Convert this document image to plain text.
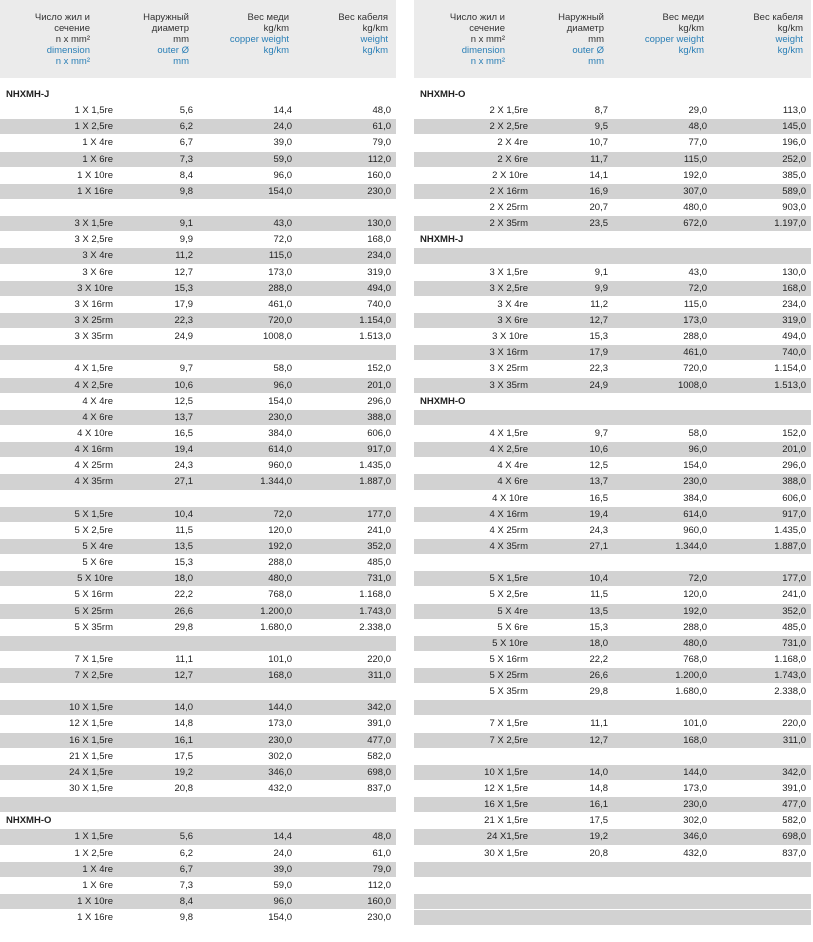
Число жил и
сечение
n x mm²
dimension
n x mm²
Наружный
диаметр
mm
outer Ø
mm
Вес меди
kg/km
copper weight
kg/km
Вес кабеля
kg/km
weight
kg/km
NHXMH-J
1 X 1,5re	5,6	14,4	48,0
1 X 2,5re	6,2	24,0	61,0
1 X 4re	6,7	39,0	79,0
1 X 6re	7,3	59,0	112,0
1 X 10re	8,4	96,0	160,0
1 X 16re	9,8	154,0	230,0
3 X 1,5re	9,1	43,0	130,0
3 X 2,5re	9,9	72,0	168,0
3 X 4re	11,2	115,0	234,0
3 X 6re	12,7	173,0	319,0
3 X 10re	15,3	288,0	494,0
3 X 16rm	17,9	461,0	740,0
3 X 25rm	22,3	720,0	1.154,0
3 X 35rm	24,9	1008,0	1.513,0
4 X 1,5re	9,7	58,0	152,0
4 X 2,5re	10,6	96,0	201,0
4 X 4re	12,5	154,0	296,0
4 X 6re	13,7	230,0	388,0
4 X 10re	16,5	384,0	606,0
4 X 16rm	19,4	614,0	917,0
4 X 25rm	24,3	960,0	1.435,0
4 X 35rm	27,1	1.344,0	1.887,0
5 X 1,5re	10,4	72,0	177,0
5 X 2,5re	11,5	120,0	241,0
5 X 4re	13,5	192,0	352,0
5 X 6re	15,3	288,0	485,0
5 X 10re	18,0	480,0	731,0
5 X 16rm	22,2	768,0	1.168,0
5 X 25rm	26,6	1.200,0	1.743,0
5 X 35rm	29,8	1.680,0	2.338,0
7 X 1,5re	11,1	101,0	220,0
7 X 2,5re	12,7	168,0	311,0
10 X 1,5re	14,0	144,0	342,0
12 X 1,5re	14,8	173,0	391,0
16 X 1,5re	16,1	230,0	477,0
21 X 1,5re	17,5	302,0	582,0
24 X 1,5re	19,2	346,0	698,0
30 X 1,5re	20,8	432,0	837,0
NHXMH-O
1 X 1,5re	5,6	14,4	48,0
1 X 2,5re	6,2	24,0	61,0
1 X 4re	6,7	39,0	79,0
1 X 6re	7,3	59,0	112,0
1 X 10re	8,4	96,0	160,0
1 X 16re	9,8	154,0	230,0
Число жил и
сечение
n x mm²
dimension
n x mm²
Наружный
диаметр
mm
outer Ø
mm
Вес меди
kg/km
copper weight
kg/km
Вес кабеля
kg/km
weight
kg/km
NHXMH-O
2 X 1,5re	8,7	29,0	113,0
2 X 2,5re	9,5	48,0	145,0
2 X 4re	10,7	77,0	196,0
2 X 6re	11,7	115,0	252,0
2 X 10re	14,1	192,0	385,0
2 X 16rm	16,9	307,0	589,0
2 X 25rm	20,7	480,0	903,0
2 X 35rm	23,5	672,0	1.197,0
NHXMH-J
3 X 1,5re	9,1	43,0	130,0
3 X 2,5re	9,9	72,0	168,0
3 X 4re	11,2	115,0	234,0
3 X 6re	12,7	173,0	319,0
3 X 10re	15,3	288,0	494,0
3 X 16rm	17,9	461,0	740,0
3 X 25rm	22,3	720,0	1.154,0
3 X 35rm	24,9	1008,0	1.513,0
NHXMH-O
4 X 1,5re	9,7	58,0	152,0
4 X 2,5re	10,6	96,0	201,0
4 X 4re	12,5	154,0	296,0
4 X 6re	13,7	230,0	388,0
4 X 10re	16,5	384,0	606,0
4 X 16rm	19,4	614,0	917,0
4 X 25rm	24,3	960,0	1.435,0
4 X 35rm	27,1	1.344,0	1.887,0
5 X 1,5re	10,4	72,0	177,0
5 X 2,5re	11,5	120,0	241,0
5 X 4re	13,5	192,0	352,0
5 X 6re	15,3	288,0	485,0
5 X 10re	18,0	480,0	731,0
5 X 16rm	22,2	768,0	1.168,0
5 X 25rm	26,6	1.200,0	1.743,0
5 X 35rm	29,8	1.680,0	2.338,0
7 X 1,5re	11,1	101,0	220,0
7 X 2,5re	12,7	168,0	311,0
10 X 1,5re	14,0	144,0	342,0
12 X 1,5re	14,8	173,0	391,0
16 X 1,5re	16,1	230,0	477,0
21 X 1,5re	17,5	302,0	582,0
24 X1,5re	19,2	346,0	698,0
30 X 1,5re	20,8	432,0	837,0
